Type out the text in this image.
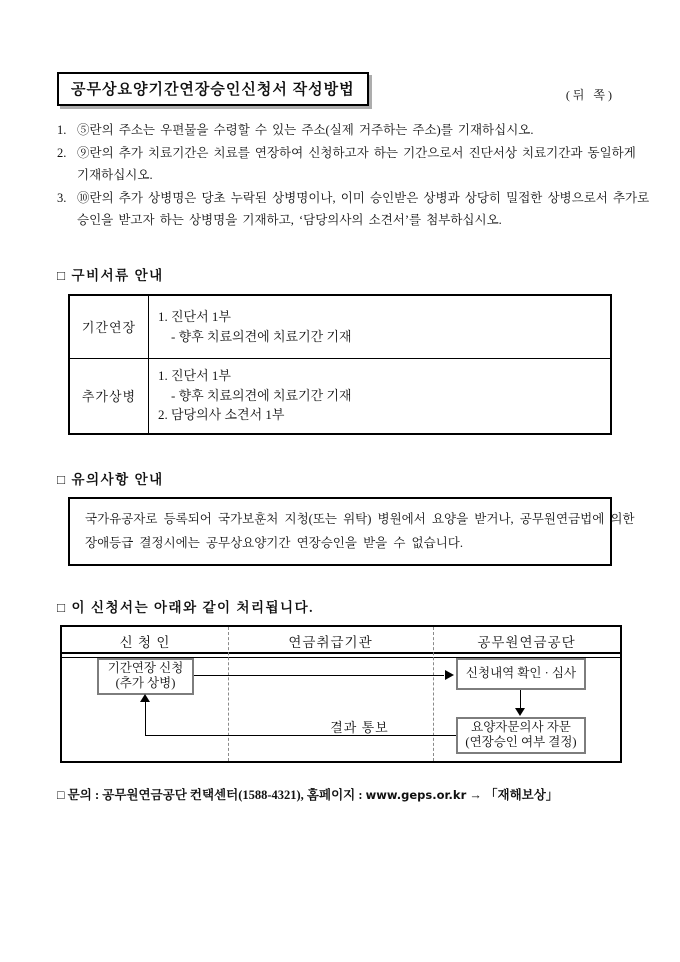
공무상요양기간연장승인신청서 작성방법	(뒤 쪽)
1. ⑤란의 주소는 우편물을 수령할 수 있는 주소(실제 거주하는 주소)를 기재하십시오.
2. ⑨란의 추가 치료기간은 치료를 연장하여 신청하고자 하는 기간으로서 진단서상 치료기간과 동일하게
기재하십시오.
3. ⑩란의 추가 상병명은 당초 누락된 상병명이나, 이미 승인받은 상병과 상당히 밀접한 상병으로서 추가로
승인을 받고자 하는 상병명을 기재하고, ‘담당의사의 소견서’를 첨부하십시오.
□ 구비서류 안내
기간연장	1. 진단서 1부
- 향후 치료의견에 치료기간 기재

추가상병	1. 진단서 1부
- 향후 치료의견에 치료기간 기재
2. 담당의사 소견서 1부
□ 유의사항 안내
국가유공자로 등록되어 국가보훈처 지청(또는 위탁) 병원에서 요양을 받거나, 공무원연금법에 의한
장애등급 결정시에는 공무상요양기간 연장승인을 받을 수 없습니다.
□ 이 신청서는 아래와 같이 처리됩니다.
신 청 인	연금취급기관	공무원연금공단
기간연장 신청
(추가 상병)
신청내역 확인 · 심사
요양자문의사 자문
(연장승인 여부 결정)
결과 통보
□ 문의 : 공무원연금공단 컨택센터(1588-4321), 홈페이지 : www.geps.or.kr → 「재해보상」
